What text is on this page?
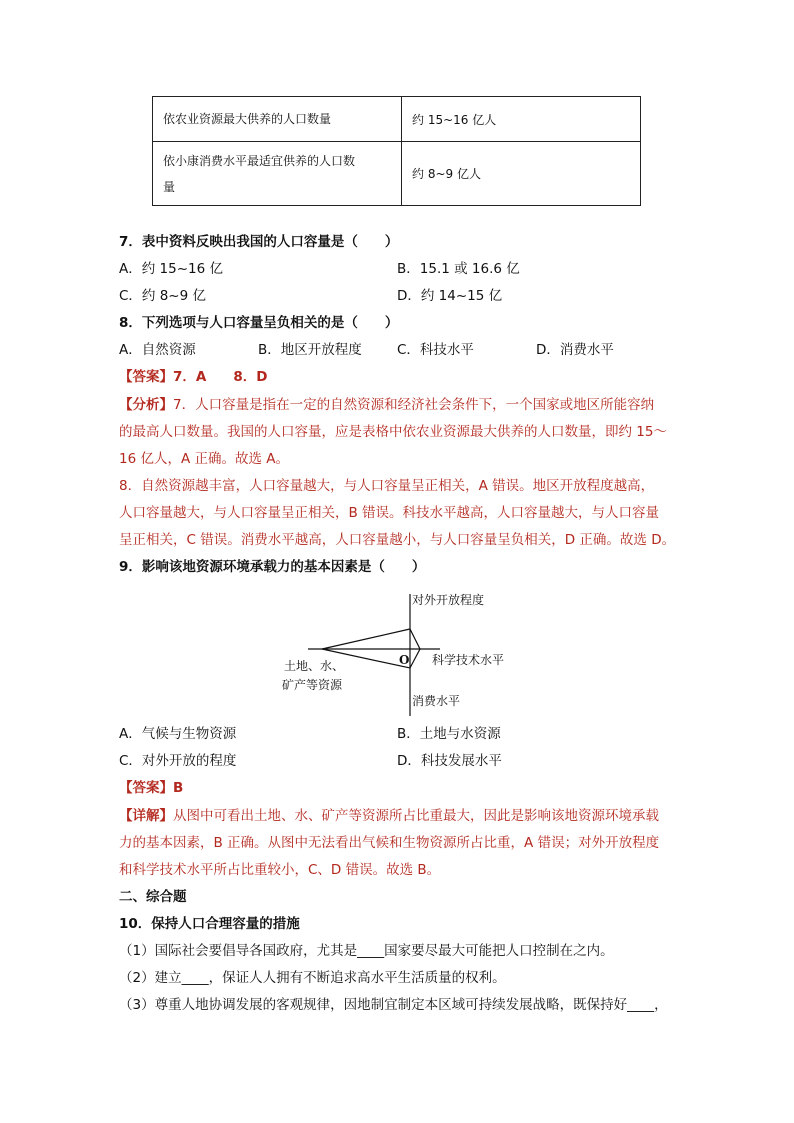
依农业资源最大供养的人口数量	约 15~16 亿人
依小康消费水平最适宜供养的人口数
量	约 8~9 亿人
7．表中资料反映出我国的人口容量是（　　）
A．约 15~16 亿	B．15.1 或 16.6 亿
C．约 8~9 亿	D．约 14~15 亿
8．下列选项与人口容量呈负相关的是（　　）
A．自然资源	B．地区开放程度	C．科技水平	D．消费水平
【答案】7．A　　8．D
【分析】7．人口容量是指在一定的自然资源和经济社会条件下，一个国家或地区所能容纳
的最高人口数量。我国的人口容量，应是表格中依农业资源最大供养的人口数量，即约 15～
16 亿人，A 正确。故选 A。
8．自然资源越丰富，人口容量越大，与人口容量呈正相关，A 错误。地区开放程度越高，
人口容量越大，与人口容量呈正相关，B 错误。科技水平越高，人口容量越大，与人口容量
呈正相关，C 错误。消费水平越高，人口容量越小，与人口容量呈负相关，D 正确。故选 D。
9．影响该地资源环境承载力的基本因素是（　　）
对外开放程度
科学技术水平
消费水平
O
土地、水、
矿产等资源
A．气候与生物资源	B．土地与水资源
C．对外开放的程度	D．科技发展水平
【答案】B
【详解】从图中可看出土地、水、矿产等资源所占比重最大，因此是影响该地资源环境承载
力的基本因素，B 正确。从图中无法看出气候和生物资源所占比重，A 错误；对外开放程度
和科学技术水平所占比重较小，C、D 错误。故选 B。
二、综合题
10．保持人口合理容量的措施
（1）国际社会要倡导各国政府，尤其是____国家要尽最大可能把人口控制在之内。
（2）建立____，保证人人拥有不断追求高水平生活质量的权利。
（3）尊重人地协调发展的客观规律，因地制宜制定本区域可持续发展战略，既保持好____，
